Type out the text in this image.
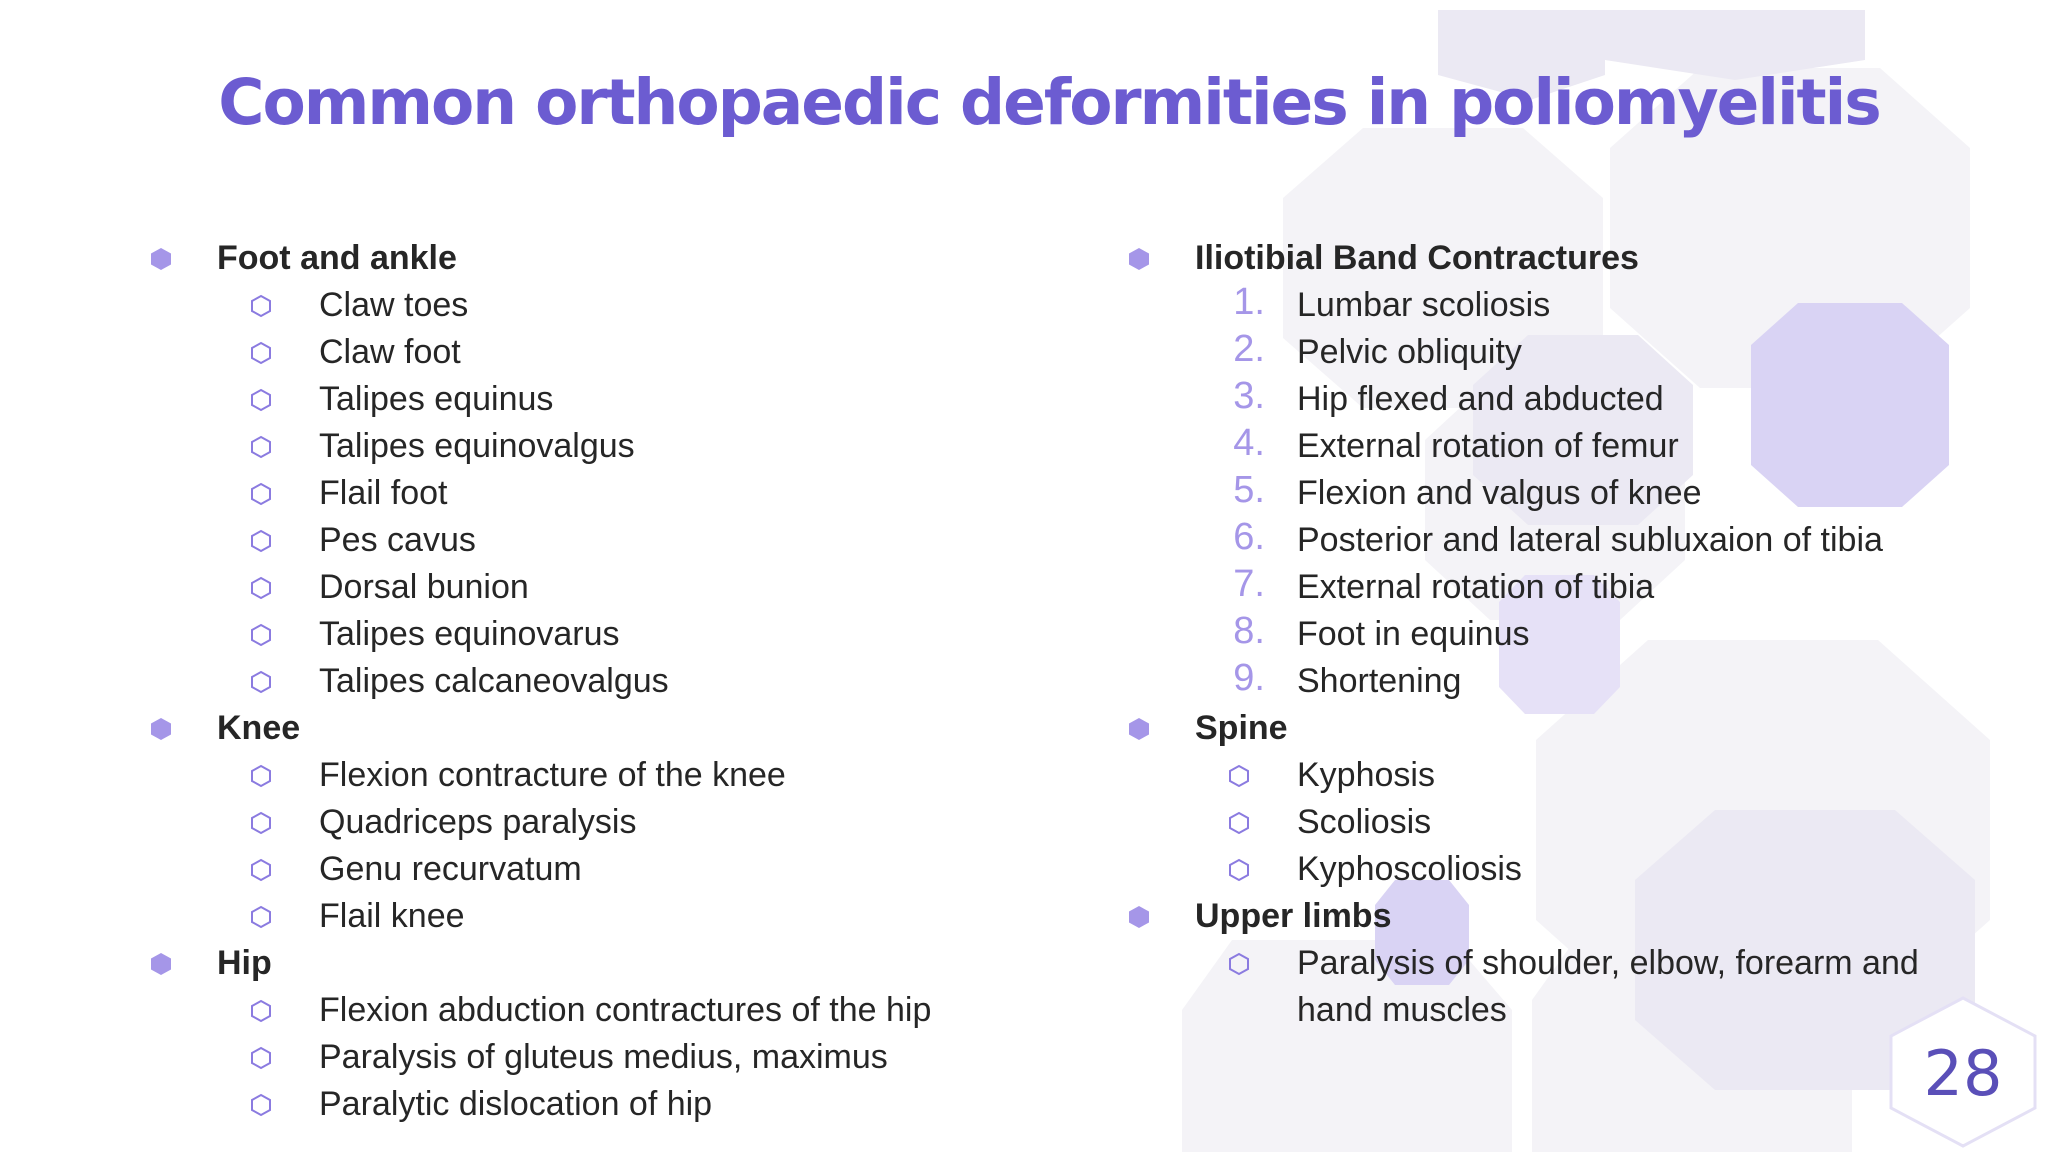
Common orthopaedic deformities in poliomyelitis
Foot and ankle
Claw toes
Claw foot
Talipes equinus
Talipes equinovalgus
Flail foot
Pes cavus
Dorsal bunion
Talipes equinovarus
Talipes calcaneovalgus
Knee
Flexion contracture of the knee
Quadriceps paralysis
Genu recurvatum
Flail knee
Hip
Flexion abduction contractures of the hip
Paralysis of gluteus medius, maximus
Paralytic dislocation of hip
Iliotibial Band Contractures
1. Lumbar scoliosis
2. Pelvic obliquity
3. Hip flexed and abducted
4. External rotation of femur
5. Flexion and valgus of knee
6. Posterior and lateral subluxaion of tibia
7. External rotation of tibia
8. Foot in equinus
9. Shortening
Spine
Kyphosis
Scoliosis
Kyphoscoliosis
Upper limbs
Paralysis of shoulder, elbow, forearm and
hand muscles
28
